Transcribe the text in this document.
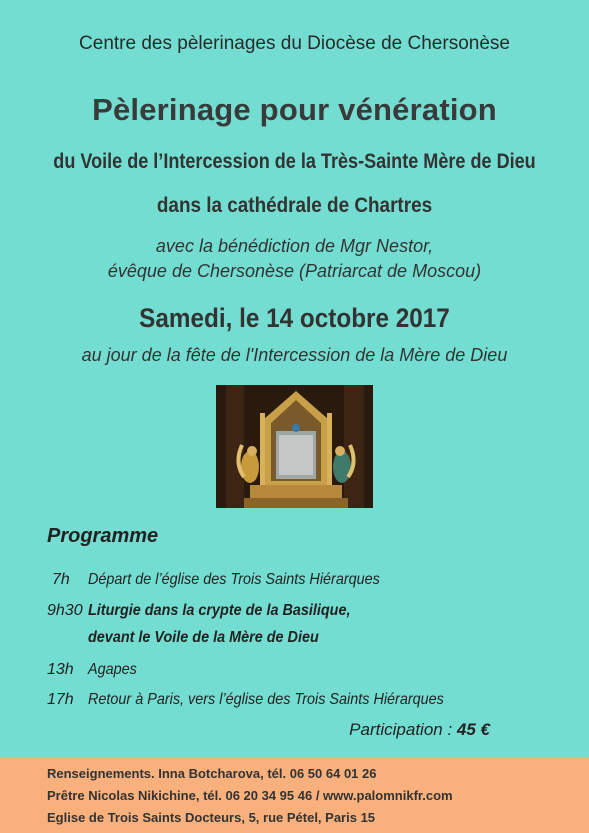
Centre des pèlerinages du Diocèse de Chersonèse
Pèlerinage pour vénération
du Voile de l’Intercession de la Très-Sainte Mère de Dieu
dans la cathédrale de Chartres
avec la bénédiction de Mgr Nestor,
évêque de Chersonèse (Patriarcat de Moscou)
Samedi, le 14 octobre 2017
au jour de la fête de l'Intercession de la Mère de Dieu
Programme
7h	Départ de l’église des Trois Saints Hiérarques
9h30 Liturgie dans la crypte de la Basilique,
devant le Voile de la Mère de Dieu
13h Agapes
17h Retour à Paris, vers l’église des Trois Saints Hiérarques
Participation : 45 €
Renseignements. Inna Botcharova, tél. 06 50 64 01 26
Prêtre Nicolas Nikichine, tél. 06 20 34 95 46 / www.palomnikfr.com
Eglise de Trois Saints Docteurs, 5, rue Pétel, Paris 15
